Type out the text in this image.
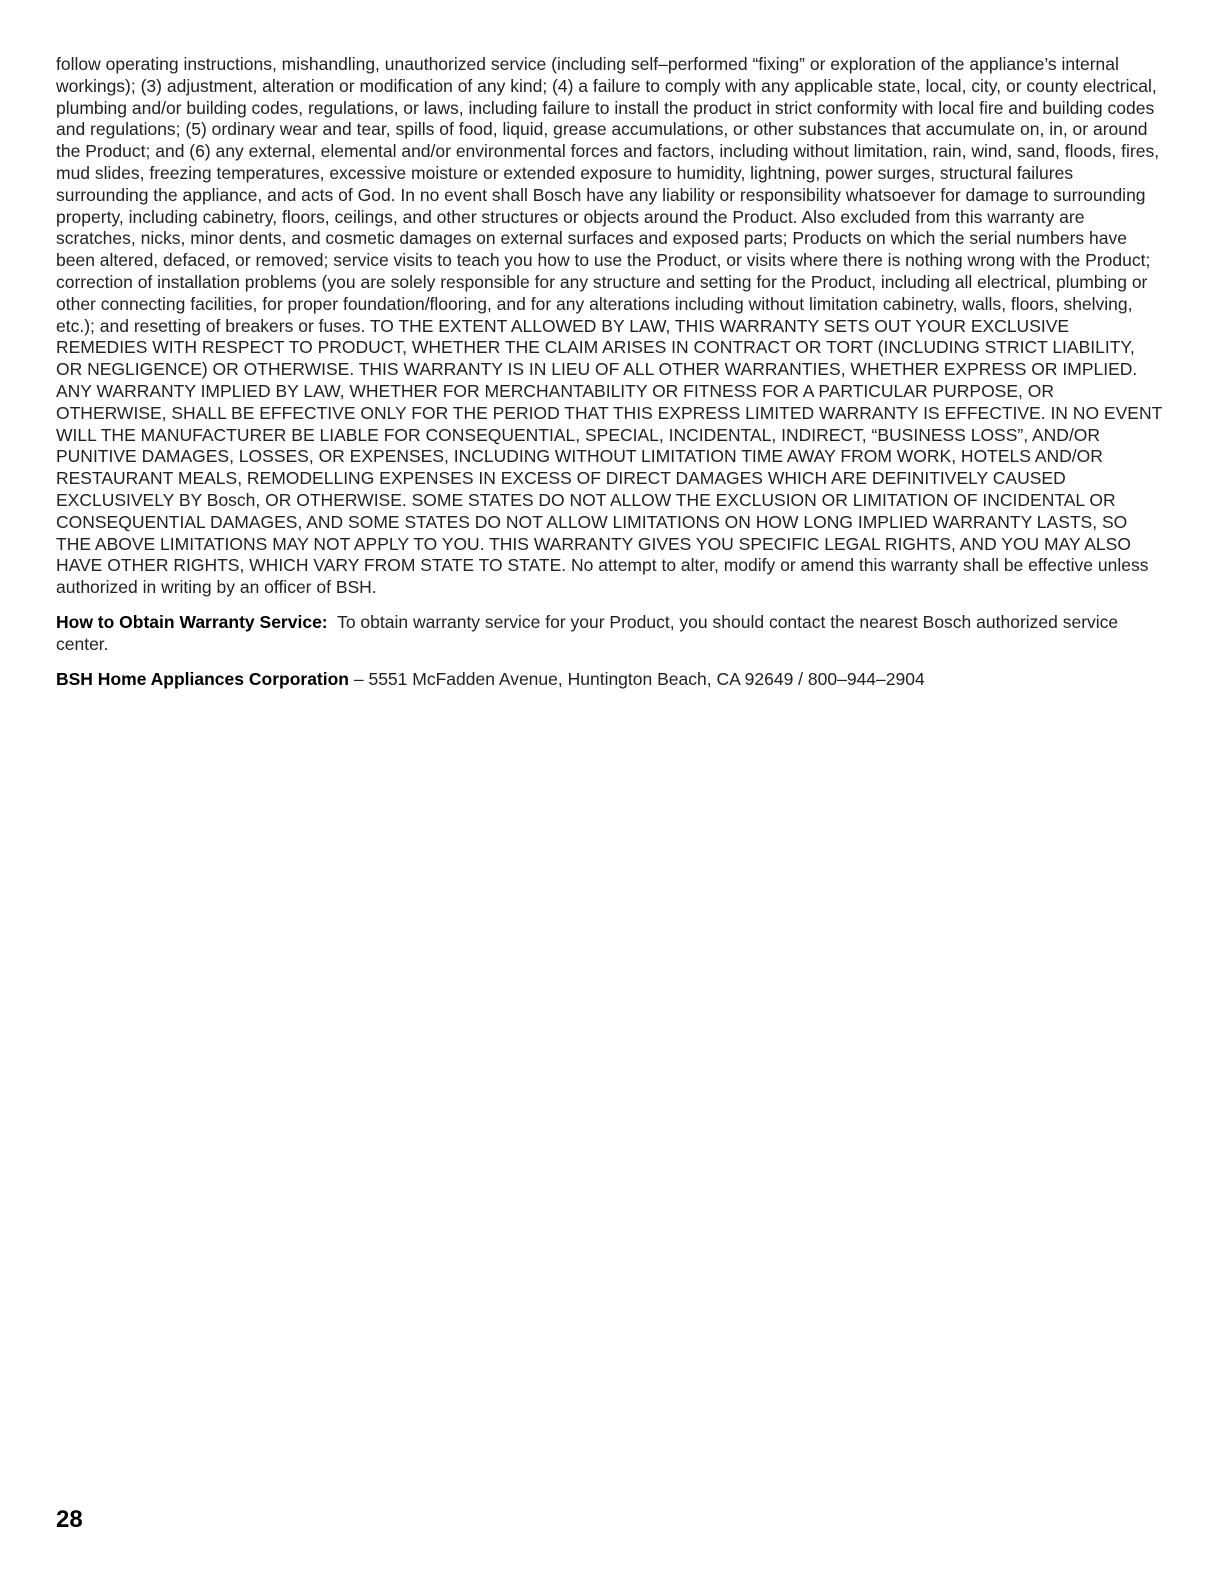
follow operating instructions, mishandling, unauthorized service (including self–performed “fixing” or exploration of the appliance’s internal workings); (3) adjustment, alteration or modification of any kind; (4) a failure to comply with any applicable state, local, city, or county electrical, plumbing and/or building codes, regulations, or laws, including failure to install the product in strict conformity with local fire and building codes and regulations; (5) ordinary wear and tear, spills of food, liquid, grease accumulations, or other substances that accumulate on, in, or around the Product; and (6) any external, elemental and/or environmental forces and factors, including without limitation, rain, wind, sand, floods, fires, mud slides, freezing temperatures, excessive moisture or extended exposure to humidity, lightning, power surges, structural failures surrounding the appliance, and acts of God. In no event shall Bosch have any liability or responsibility whatsoever for damage to surrounding property, including cabinetry, floors, ceilings, and other structures or objects around the Product. Also excluded from this warranty are scratches, nicks, minor dents, and cosmetic damages on external surfaces and exposed parts; Products on which the serial numbers have been altered, defaced, or removed; service visits to teach you how to use the Product, or visits where there is nothing wrong with the Product; correction of installation problems (you are solely responsible for any structure and setting for the Product, including all electrical, plumbing or other connecting facilities, for proper foundation/flooring, and for any alterations including without limitation cabinetry, walls, floors, shelving, etc.); and resetting of breakers or fuses. TO THE EXTENT ALLOWED BY LAW, THIS WARRANTY SETS OUT YOUR EXCLUSIVE REMEDIES WITH RESPECT TO PRODUCT, WHETHER THE CLAIM ARISES IN CONTRACT OR TORT (INCLUDING STRICT LIABILITY, OR NEGLIGENCE) OR OTHERWISE. THIS WARRANTY IS IN LIEU OF ALL OTHER WARRANTIES, WHETHER EXPRESS OR IMPLIED. ANY WARRANTY IMPLIED BY LAW, WHETHER FOR MERCHANTABILITY OR FITNESS FOR A PARTICULAR PURPOSE, OR OTHERWISE, SHALL BE EFFECTIVE ONLY FOR THE PERIOD THAT THIS EXPRESS LIMITED WARRANTY IS EFFECTIVE. IN NO EVENT WILL THE MANUFACTURER BE LIABLE FOR CONSEQUENTIAL, SPECIAL, INCIDENTAL, INDIRECT, “BUSINESS LOSS”, AND/OR PUNITIVE DAMAGES, LOSSES, OR EXPENSES, INCLUDING WITHOUT LIMITATION TIME AWAY FROM WORK, HOTELS AND/OR RESTAURANT MEALS, REMODELLING EXPENSES IN EXCESS OF DIRECT DAMAGES WHICH ARE DEFINITIVELY CAUSED EXCLUSIVELY BY Bosch, OR OTHERWISE. SOME STATES DO NOT ALLOW THE EXCLUSION OR LIMITATION OF INCIDENTAL OR CONSEQUENTIAL DAMAGES, AND SOME STATES DO NOT ALLOW LIMITATIONS ON HOW LONG IMPLIED WARRANTY LASTS, SO THE ABOVE LIMITATIONS MAY NOT APPLY TO YOU. THIS WARRANTY GIVES YOU SPECIFIC LEGAL RIGHTS, AND YOU MAY ALSO HAVE OTHER RIGHTS, WHICH VARY FROM STATE TO STATE. No attempt to alter, modify or amend this warranty shall be effective unless authorized in writing by an officer of BSH.

How to Obtain Warranty Service: To obtain warranty service for your Product, you should contact the nearest Bosch authorized service center.

BSH Home Appliances Corporation – 5551 McFadden Avenue, Huntington Beach, CA 92649 / 800–944–2904

28
